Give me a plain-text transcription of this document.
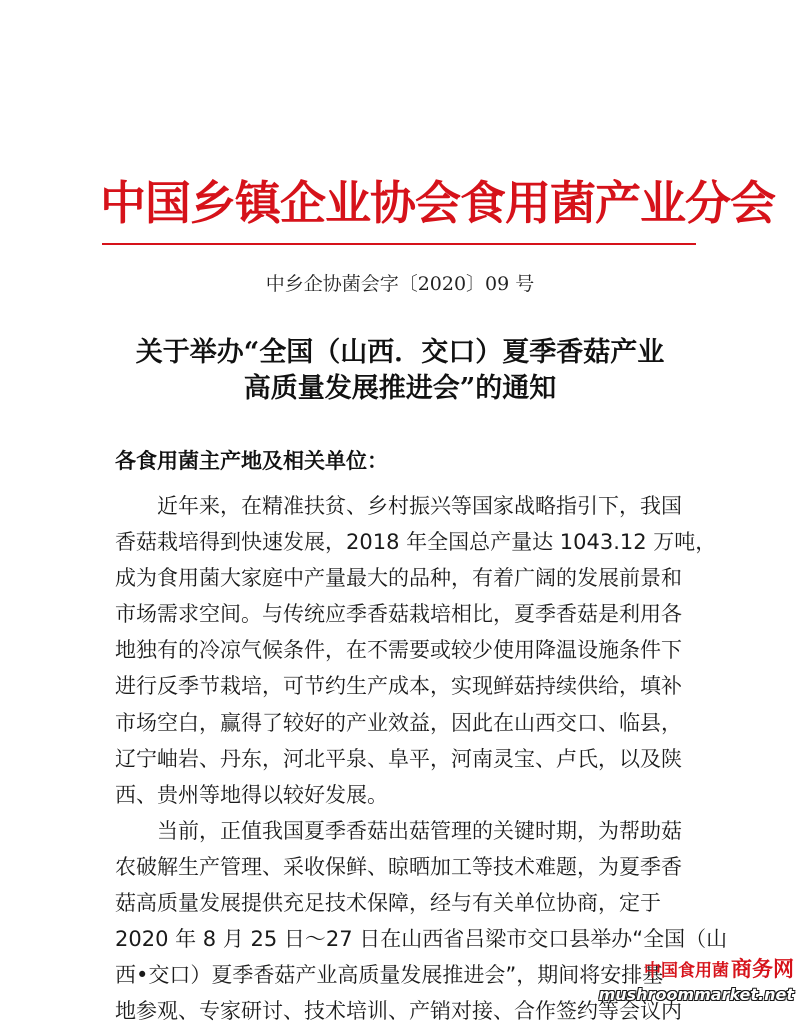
中国乡镇企业协会食用菌产业分会
中乡企协菌会字〔2020〕09 号
关于举办“全国（山西．交口）夏季香菇产业
高质量发展推进会”的通知
各食用菌主产地及相关单位：
近年来，在精准扶贫、乡村振兴等国家战略指引下，我国
香菇栽培得到快速发展，2018 年全国总产量达 1043.12 万吨，
成为食用菌大家庭中产量最大的品种，有着广阔的发展前景和
市场需求空间。与传统应季香菇栽培相比，夏季香菇是利用各
地独有的冷凉气候条件，在不需要或较少使用降温设施条件下
进行反季节栽培，可节约生产成本，实现鲜菇持续供给，填补
市场空白，赢得了较好的产业效益，因此在山西交口、临县，
辽宁岫岩、丹东，河北平泉、阜平，河南灵宝、卢氏，以及陕
西、贵州等地得以较好发展。
当前，正值我国夏季香菇出菇管理的关键时期，为帮助菇
农破解生产管理、采收保鲜、晾晒加工等技术难题，为夏季香
菇高质量发展提供充足技术保障，经与有关单位协商，定于
2020 年 8 月 25 日～27 日在山西省吕梁市交口县举办“全国（山
西•交口）夏季香菇产业高质量发展推进会”，期间将安排基
地参观、专家研讨、技术培训、产销对接、合作签约等会议内
中国食用菌商务网
mushroommarket.net
